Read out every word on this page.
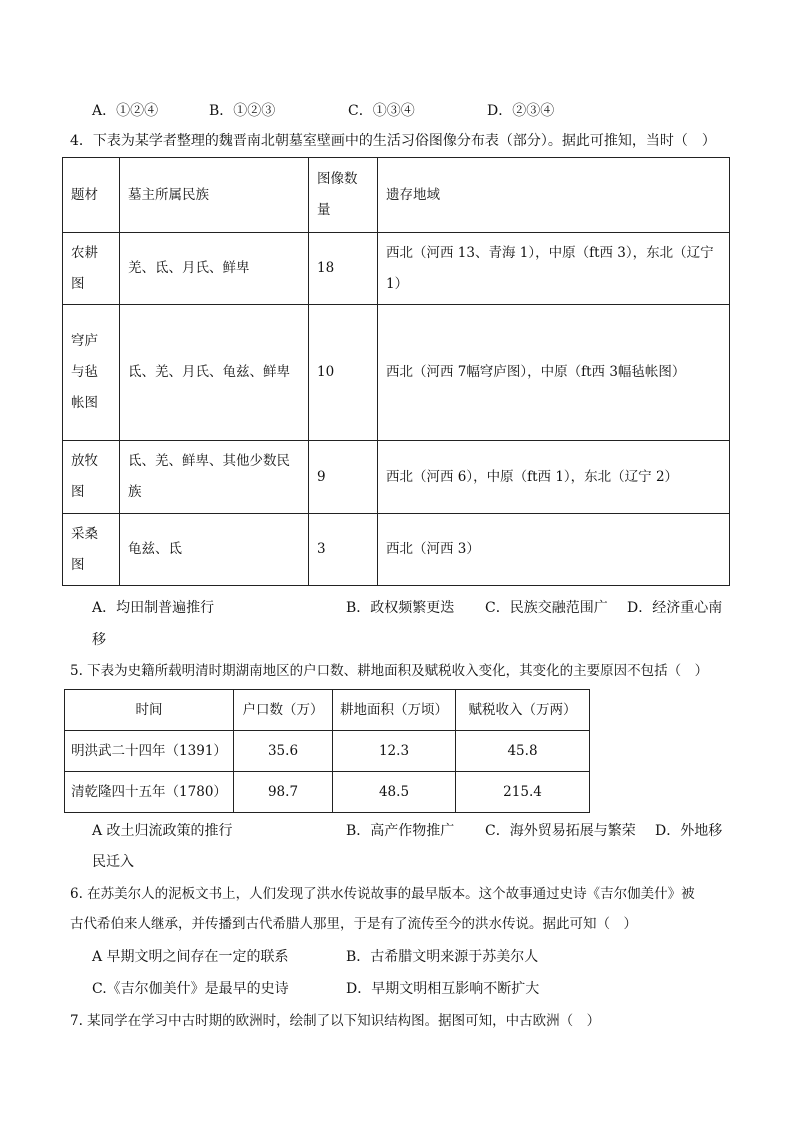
A．①②④	B．①②③	C．①③④	D．②③④
4．下表为某学者整理的魏晋南北朝墓室壁画中的生活习俗图像分布表（部分）。据此可推知，当时（　）
题材	墓主所属民族	图像数量	遗存地域
农耕图	羌、氐、月氏、鲜卑	18	西北（河西 13、青海 1），中原（ft西 3），东北（辽宁 1）
穹庐与毡帐图	氐、羌、月氏、龟兹、鲜卑	10	西北（河西 7幅穹庐图），中原（ft西 3幅毡帐图）
放牧图	氐、羌、鲜卑、其他少数民族	9	西北（河西 6），中原（ft西 1），东北（辽宁 2）
采桑图	龟兹、氐	3	西北（河西 3）
A．均田制普遍推行	B．政权频繁更迭 C．民族交融范围广 D．经济重心南
移
5. 下表为史籍所载明清时期湖南地区的户口数、耕地面积及赋税收入变化，其变化的主要原因不包括（　）
时间	户口数（万）	耕地面积（万顷）	赋税收入（万两）
明洪武二十四年（1391）	35.6	12.3	45.8
清乾隆四十五年（1780）	98.7	48.5	215.4
A 改土归流政策的推行	B．高产作物推广 C．海外贸易拓展与繁荣 D．外地移
民迁入
6. 在苏美尔人的泥板文书上，人们发现了洪水传说故事的最早版本。这个故事通过史诗《吉尔伽美什》被
古代希伯来人继承，并传播到古代希腊人那里，于是有了流传至今的洪水传说。据此可知（　）
A 早期文明之间存在一定的联系	B．古希腊文明来源于苏美尔人
C.《吉尔伽美什》是最早的史诗	D．早期文明相互影响不断扩大
7. 某同学在学习中古时期的欧洲时，绘制了以下知识结构图。据图可知，中古欧洲（　）
